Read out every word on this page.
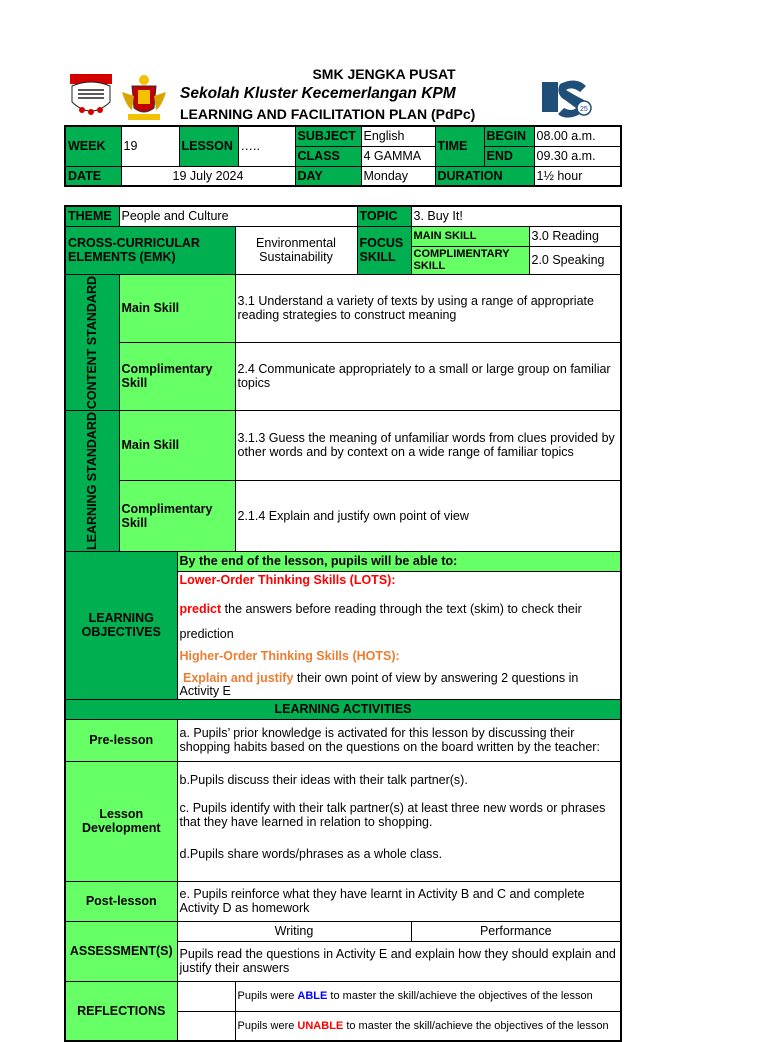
25
SMK JENGKA PUSAT
Sekolah Kluster Kecemerlangan KPM
LEARNING AND FACILITATION PLAN (PdPc)
WEEK	19	LESSON	…..	SUBJECT	English	TIME	BEGIN	08.00 a.m.
				CLASS	4 GAMMA		END	09.30 a.m.
DATE	19 July 2024			DAY	Monday	DURATION		1½ hour
THEME	People and Culture			TOPIC	3. Buy It!	
CROSS-CURRICULAR ELEMENTS (EMK)			Environmental Sustainability	FOCUS SKILL	MAIN SKILL	3.0 Reading
					COMPLIMENTARY SKILL	2.0 Speaking

CONTENT STANDARD	Main Skill		3.1 Understand a variety of texts by using a range of appropriate reading strategies to construct meaning			
	Complimentary Skill		2.4 Communicate appropriately to a small or large group on familiar topics			

LEARNING STANDARD	Main Skill		3.1.3 Guess the meaning of unfamiliar words from clues provided by other words and by context on a wide range of familiar topics			
	Complimentary Skill		2.1.4 Explain and justify own point of view			
LEARNING OBJECTIVES		By the end of the lesson, pupils will be able to:				

		Lower-Order Thinking Skills (LOTS):
predict the answers before reading through the text (skim) to check their prediction
Higher-Order Thinking Skills (HOTS):
Explain and justify their own point of view by answering 2 questions in Activity E				

LEARNING ACTIVITIES						
Pre-lesson		a. Pupils’ prior knowledge is activated for this lesson by discussing their shopping habits based on the questions on the board written by the teacher:				
Lesson Development		b.Pupils discuss their ideas with their talk partner(s).
c. Pupils identify with their talk partner(s) at least three new words or phrases that they have learned in relation to shopping.
d.Pupils share words/phrases as a whole class.				

Post-lesson		e. Pupils reinforce what they have learnt in Activity B and C and complete Activity D as homework				
ASSESSMENT(S)		Writing			Performance	
		Pupils read the questions in Activity E and explain how they should explain and justify their answers				
REFLECTIONS			Pupils were ABLE to master the skill/achieve the objectives of the lesson			
			Pupils were UNABLE to master the skill/achieve the objectives of the lesson			
